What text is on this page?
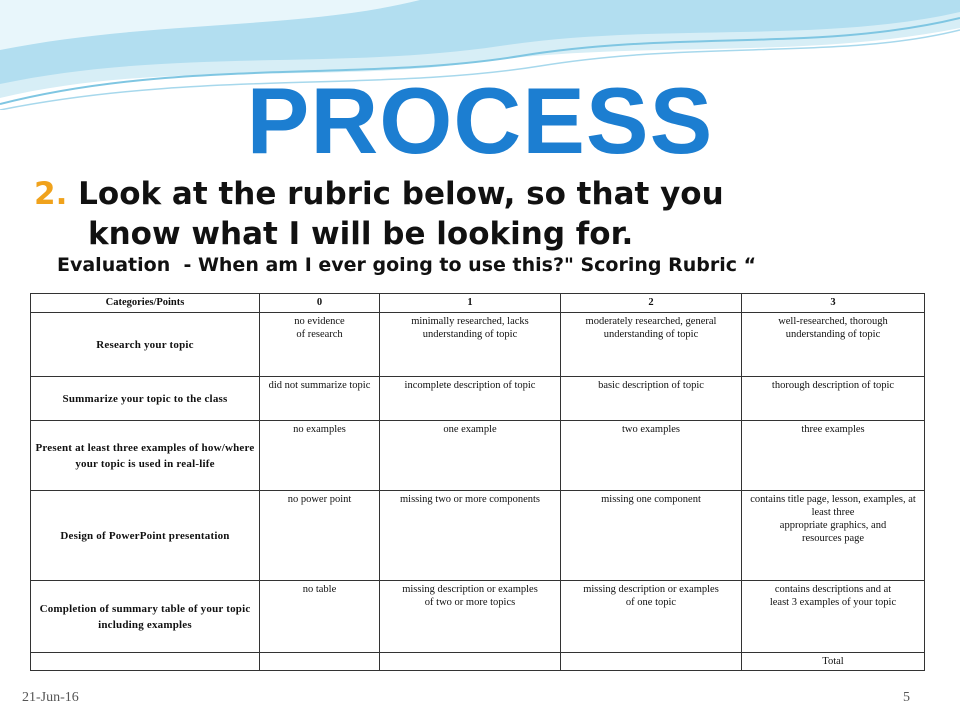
PROCESS
2. Look at the rubric below, so that you
know what I will be looking for.
Evaluation  - When am I ever going to use this?" Scoring Rubric “
Categories/Points	0	1	2	3
Research your topic	no evidence
of research	minimally researched, lacks
understanding of topic	moderately researched, general
understanding of topic	well-researched, thorough
understanding of topic
Summarize your topic to the class	did not summarize topic	incomplete description of topic	basic description of topic	thorough description of topic
Present at least three examples of how/where your topic is used in real-life	no examples	one example	two examples	three examples
Design of PowerPoint presentation	no power point	missing two or more components	missing one component	contains title page, lesson, examples, at least three
appropriate graphics, and
resources page
Completion of summary table of your topic including examples	no table	missing description or examples
of two or more topics	missing description or examples
of one topic	contains descriptions and at
least 3 examples of your topic
				Total
21-Jun-16	5
